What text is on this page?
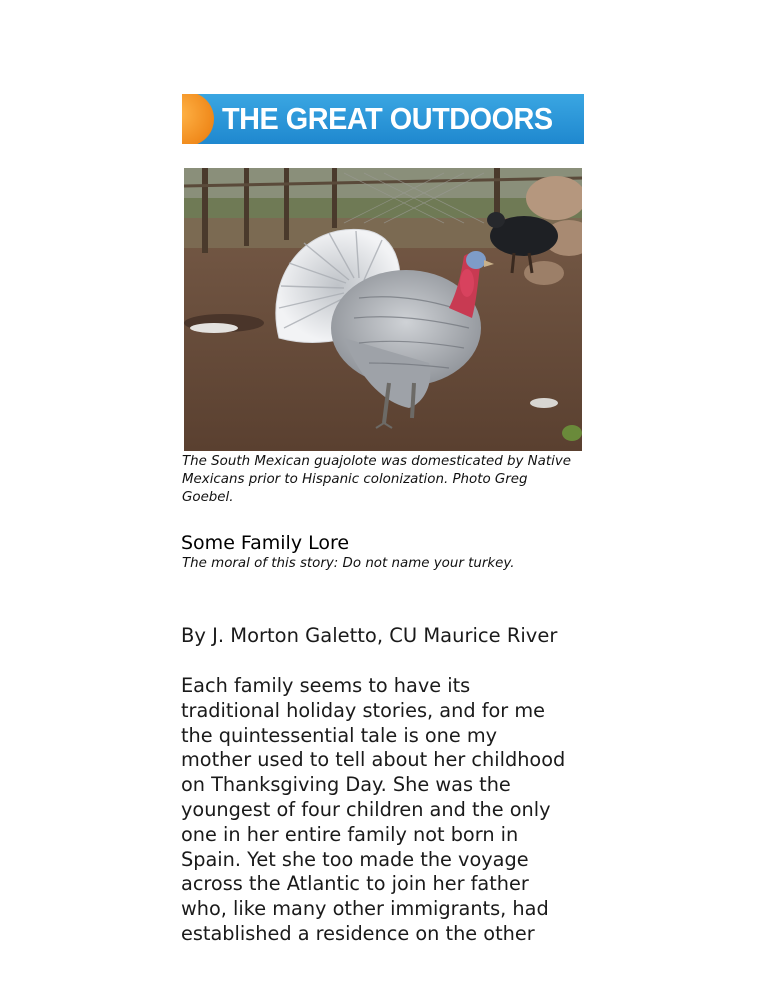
THE GREAT OUTDOORS
The South Mexican guajolote was domesticated by Native Mexicans prior to Hispanic colonization. Photo Greg Goebel.
Some Family Lore
The moral of this story: Do not name your turkey.
By J. Morton Galetto, CU Maurice River
Each family seems to have its
traditional holiday stories, and for me
the quintessential tale is one my
mother used to tell about her childhood
on Thanksgiving Day. She was the
youngest of four children and the only
one in her entire family not born in
Spain. Yet she too made the voyage
across the Atlantic to join her father
who, like many other immigrants, had
established a residence on the other
